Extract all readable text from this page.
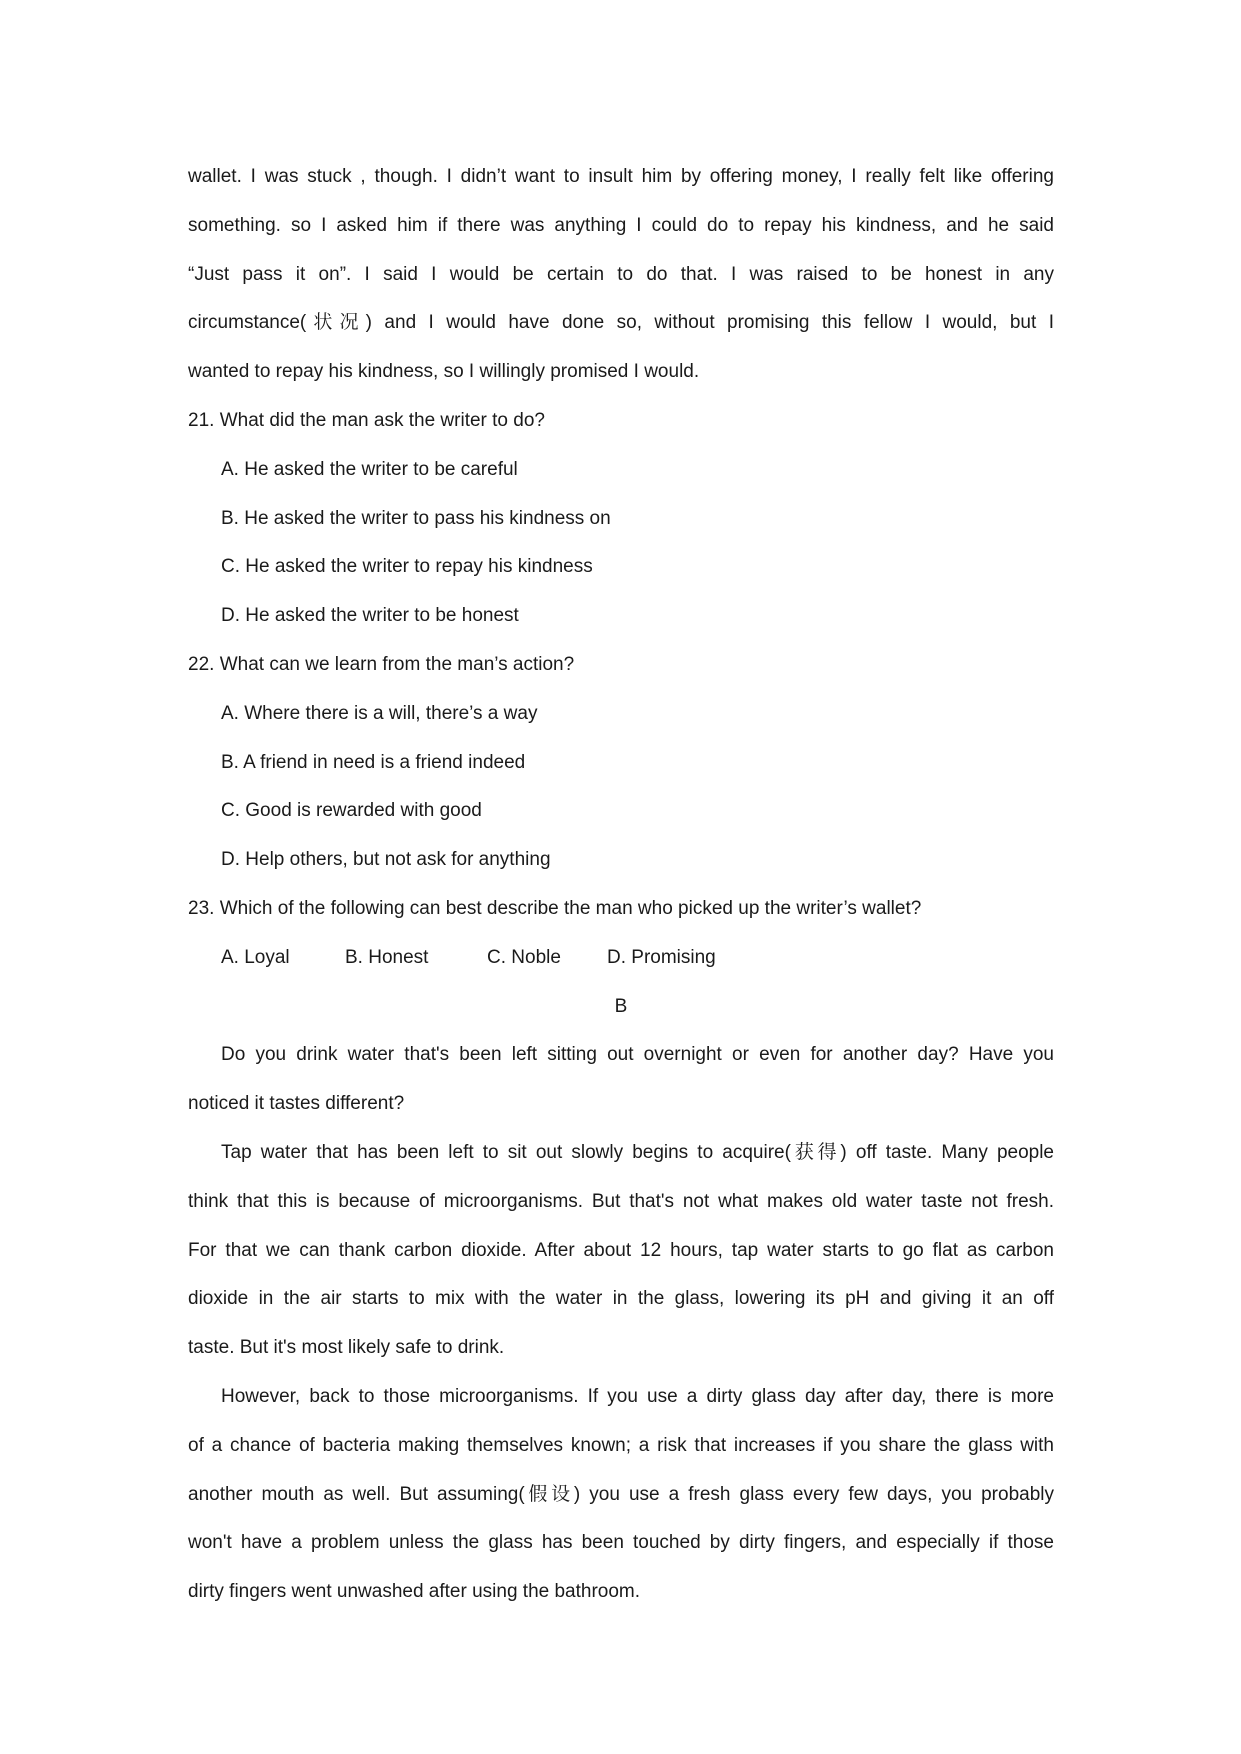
wallet. I was stuck , though. I didn’t want to insult him by offering money, I really felt like offering
something. so I asked him if there was anything I could do to repay his kindness, and he said
“Just pass it on”. I said I would be certain to do that. I was raised to be honest in any
circumstance(状况) and I would have done so, without promising this fellow I would, but I
wanted to repay his kindness, so I willingly promised I would.
21. What did the man ask the writer to do?
A. He asked the writer to be careful
B. He asked the writer to pass his kindness on
C. He asked the writer to repay his kindness
D. He asked the writer to be honest
22. What can we learn from the man’s action?
A. Where there is a will, there’s a way
B. A friend in need is a friend indeed
C. Good is rewarded with good
D. Help others, but not ask for anything
23. Which of the following can best describe the man who picked up the writer’s wallet?
A. Loyal	B. Honest	C. Noble D. Promising
B
Do you drink water that's been left sitting out overnight or even for another day? Have you
noticed it tastes different?
Tap water that has been left to sit out slowly begins to acquire(获得) off taste. Many people
think that this is because of microorganisms. But that's not what makes old water taste not fresh.
For that we can thank carbon dioxide. After about 12 hours, tap water starts to go flat as carbon
dioxide in the air starts to mix with the water in the glass, lowering its pH and giving it an off
taste. But it's most likely safe to drink.
However, back to those microorganisms. If you use a dirty glass day after day, there is more
of a chance of bacteria making themselves known; a risk that increases if you share the glass with
another mouth as well. But assuming(假设) you use a fresh glass every few days, you probably
won't have a problem unless the glass has been touched by dirty fingers, and especially if those
dirty fingers went unwashed after using the bathroom.
